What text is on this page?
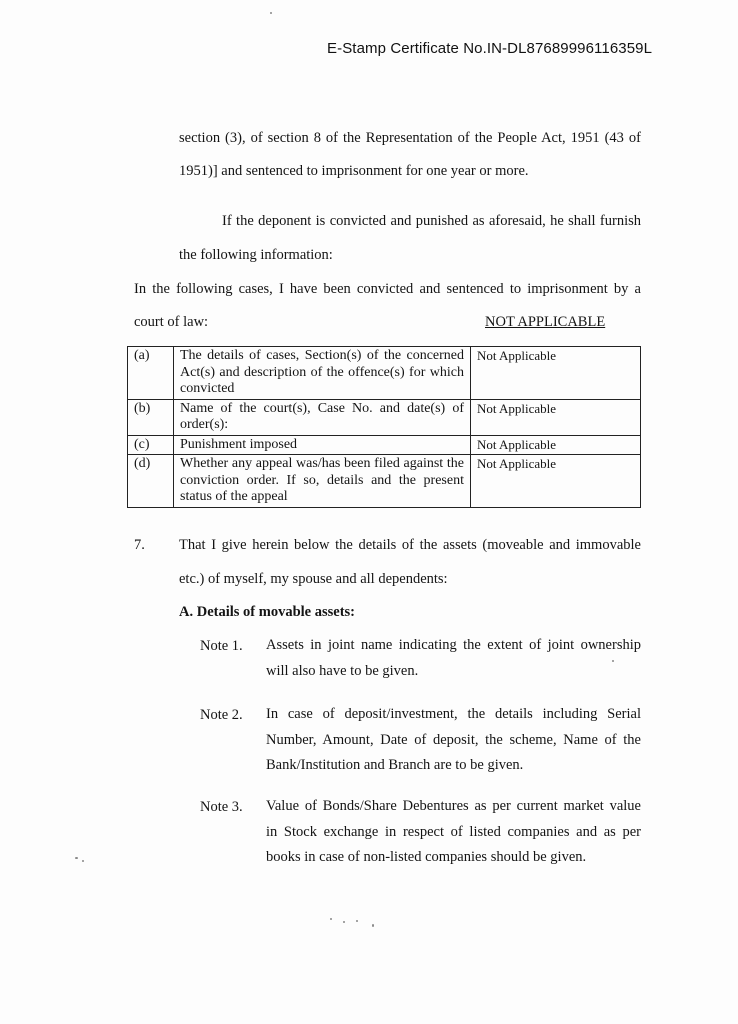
E-Stamp Certificate No.IN-DL87689996116359L
section (3), of section 8 of the Representation of the People Act, 1951 (43 of
1951)] and sentenced to imprisonment for one year or more.
If the deponent is convicted and punished as aforesaid, he shall furnish
the following information:
In the following cases, I have been convicted and sentenced to imprisonment by a
court of law:	NOT APPLICABLE
(a)	The details of cases, Section(s) of the concerned Act(s) and description of the offence(s) for which convicted	Not Applicable
(b)	Name of the court(s), Case No. and date(s) of order(s):	Not Applicable
(c)	Punishment imposed	Not Applicable
(d)	Whether any appeal was/has been filed against the conviction order. If so, details and the present status of the appeal	Not Applicable
7. That I give herein below the details of the assets (moveable and immovable
etc.) of myself, my spouse and all dependents:
A. Details of movable assets:
Note 1. Assets in joint name indicating the extent of joint ownership
will also have to be given.
Note 2. In case of deposit/investment, the details including Serial
Number, Amount, Date of deposit, the scheme, Name of the
Bank/Institution and Branch are to be given.
Note 3. Value of Bonds/Share Debentures as per current market value
in Stock exchange in respect of listed companies and as per
books in case of non-listed companies should be given.
